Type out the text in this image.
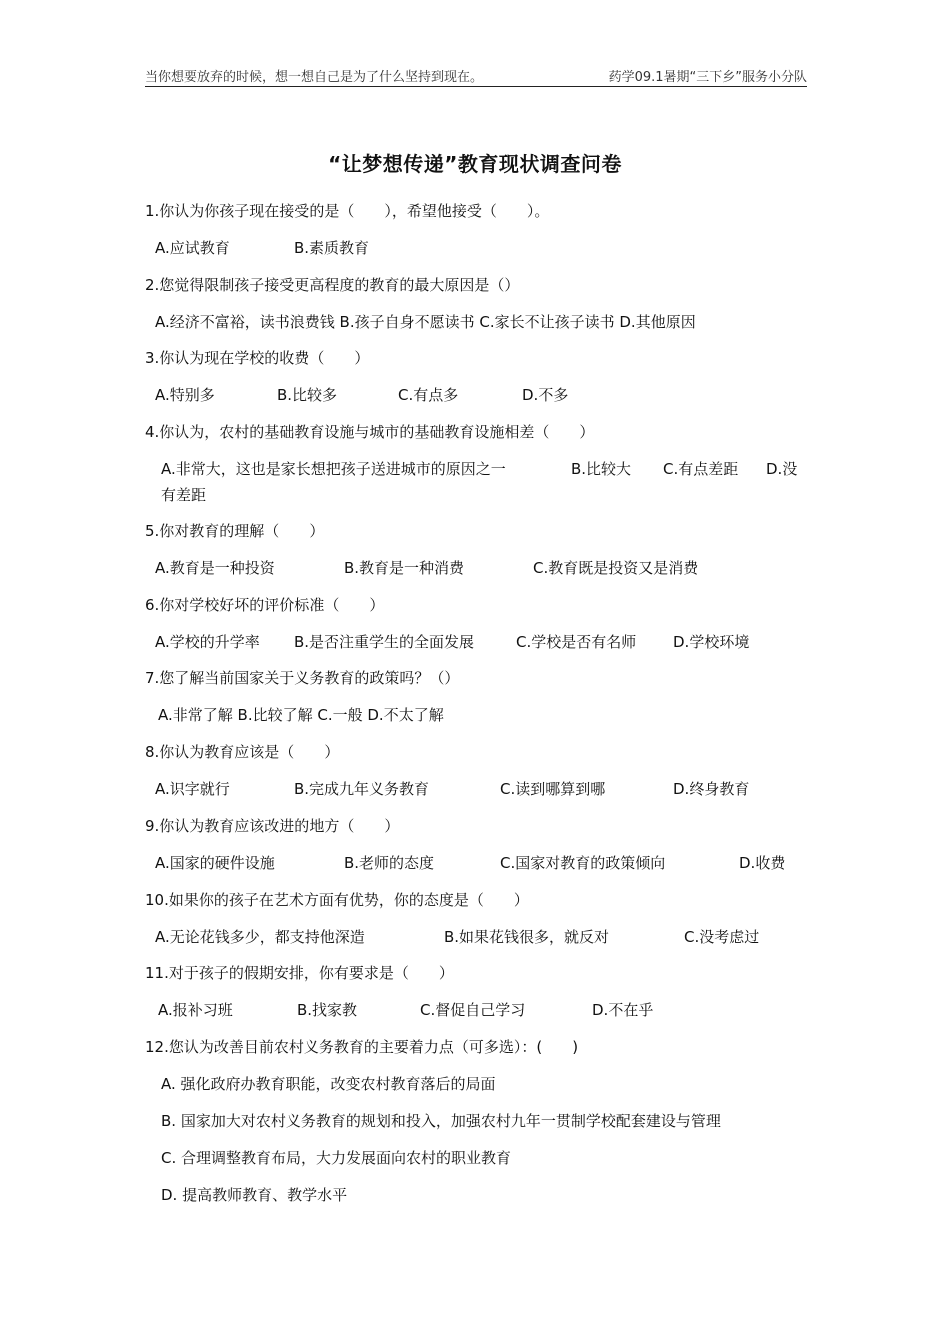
当你想要放弃的时候，想一想自己是为了什么坚持到现在。	药学09.1暑期“三下乡”服务小分队
“让梦想传递”教育现状调查问卷
1.你认为你孩子现在接受的是（　　），希望他接受（　　）。
A.应试教育	B.素质教育
2.您觉得限制孩子接受更高程度的教育的最大原因是（）
A.经济不富裕，读书浪费钱 B.孩子自身不愿读书 C.家长不让孩子读书 D.其他原因
3.你认为现在学校的收费（　　）
A.特别多	B.比较多	C.有点多	D.不多
4.你认为，农村的基础教育设施与城市的基础教育设施相差（　　）
A.非常大，这也是家长想把孩子送进城市的原因之一	B.比较大 C.有点差距 D.没
有差距
5.你对教育的理解（　　）
A.教育是一种投资	B.教育是一种消费	C.教育既是投资又是消费
6.你对学校好坏的评价标准（　　）
A.学校的升学率 B.是否注重学生的全面发展	C.学校是否有名师 D.学校环境
7.您了解当前国家关于义务教育的政策吗？（）
A.非常了解 B.比较了解 C.一般 D.不太了解
8.你认为教育应该是（　　）
A.识字就行	B.完成九年义务教育	C.读到哪算到哪	D.终身教育
9.你认为教育应该改进的地方（　　）
A.国家的硬件设施	B.老师的态度	C.国家对教育的政策倾向	D.收费
10.如果你的孩子在艺术方面有优势，你的态度是（　　）
A.无论花钱多少，都支持他深造	B.如果花钱很多，就反对	C.没考虑过
11.对于孩子的假期安排，你有要求是（　　）
A.报补习班	B.找家教	C.督促自己学习	D.不在乎
12.您认为改善目前农村义务教育的主要着力点（可多选）：(　　)
A. 强化政府办教育职能，改变农村教育落后的局面
B. 国家加大对农村义务教育的规划和投入，加强农村九年一贯制学校配套建设与管理
C. 合理调整教育布局，大力发展面向农村的职业教育
D. 提高教师教育、教学水平
